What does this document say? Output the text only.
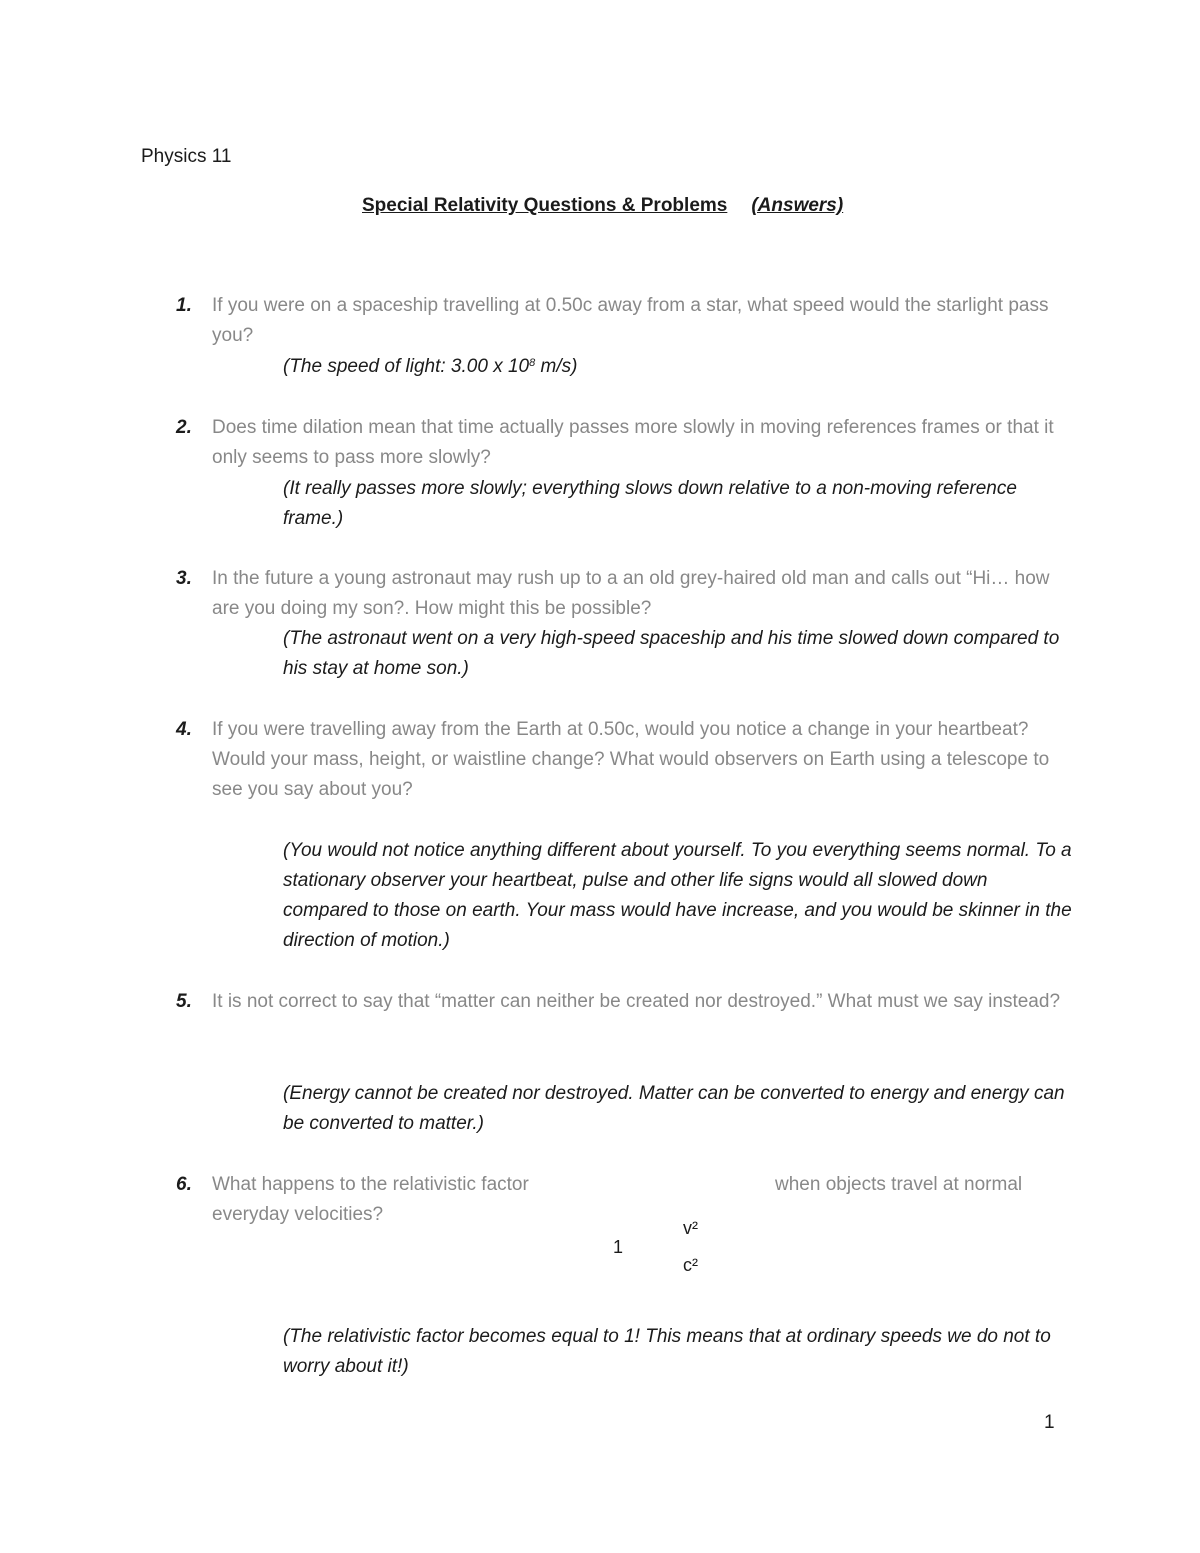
Physics 11
Special Relativity Questions & Problems (Answers)
1. If you were on a spaceship travelling at 0.50c away from a star, what speed would the starlight pass you?
(The speed of light: 3.00 x $10^8$ m/s)
2. Does time dilation mean that time actually passes more slowly in moving references frames or that it only seems to pass more slowly?
(It really passes more slowly; everything slows down relative to a non-moving reference frame.)
3. In the future a young astronaut may rush up to a an old grey-haired old man and calls out “Hi… how are you doing my son?. How might this be possible?
(The astronaut went on a very high-speed spaceship and his time slowed down compared to his stay at home son.)
4. If you were travelling away from the Earth at 0.50c, would you notice a change in your heartbeat? Would your mass, height, or waistline change? What would observers on Earth using a telescope to see you say about you?
(You would not notice anything different about yourself. To you everything seems normal. To a stationary observer your heartbeat, pulse and other life signs would all slowed down compared to those on earth. Your mass would have increase, and you would be skinner in the direction of motion.)
5. It is not correct to say that “matter can neither be created nor destroyed.” What must we say instead?
(Energy cannot be created nor destroyed. Matter can be converted to energy and energy can be converted to matter.)
6. What happens to the relativistic factor	when objects travel at normal
everyday velocities?
1
v²
c²
(The relativistic factor becomes equal to 1! This means that at ordinary speeds we do not to worry about it!)
1
